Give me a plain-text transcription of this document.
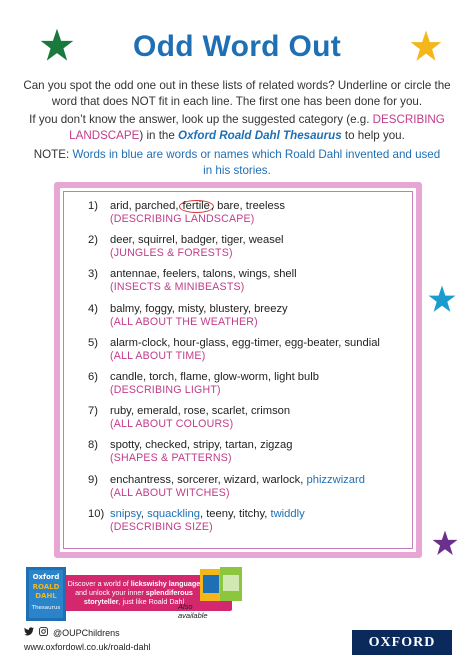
Odd Word Out

Can you spot the odd one out in these lists of related words? Underline or circle the word that does NOT fit in each line. The first one has been done for you.

If you don’t know the answer, look up the suggested category (e.g. DESCRIBING LANDSCAPE) in the Oxford Roald Dahl Thesaurus to help you.

NOTE: Words in blue are words or names which Roald Dahl invented and used in his stories.

1)	arid, parched, fertile, bare, treeless
(DESCRIBING LANDSCAPE)
2)	deer, squirrel, badger, tiger, weasel
(JUNGLES & FORESTS)
3)	antennae, feelers, talons, wings, shell
(INSECTS & MINIBEASTS)
4)	balmy, foggy, misty, blustery, breezy
(ALL ABOUT THE WEATHER)
5)	alarm-clock, hour-glass, egg-timer, egg-beater, sundial
(ALL ABOUT TIME)
6)	candle, torch, flame, glow-worm, light bulb
(DESCRIBING LIGHT)
7)	ruby, emerald, rose, scarlet, crimson
(ALL ABOUT COLOURS)
8)	spotty, checked, stripy, tartan, zigzag
(SHAPES & PATTERNS)
9)	enchantress, sorcerer, wizard, warlock, phizzwizard
(ALL ABOUT WITCHES)
10) snipsy, squackling, teeny, titchy, twiddly
(DESCRIBING SIZE)
Oxford
ROALD
DAHL
Thesaurus
Discover a world of lickswishy language and unlock your inner splendiferous storyteller, just like Roald Dahl
Also available
@OUPChildrens
www.oxfordowl.co.uk/roald-dahl	OXFORD
